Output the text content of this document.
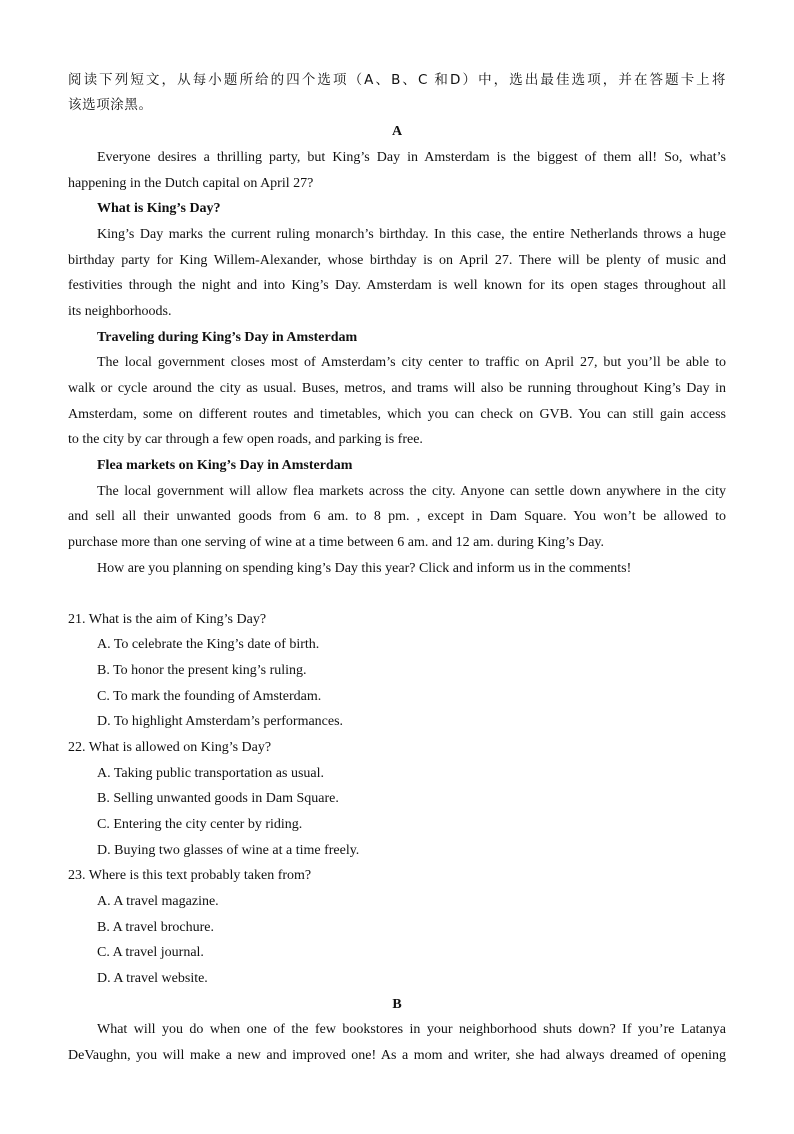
阅读下列短文，从每小题所给的四个选项（A、B、C 和D）中，选出最佳选项，并在答题卡上将
该选项涂黑。
A
Everyone desires a thrilling party, but King’s Day in Amsterdam is the biggest of them all! So, what’s
happening in the Dutch capital on April 27?
What is King’s Day?
King’s Day marks the current ruling monarch’s birthday. In this case, the entire Netherlands throws a huge
birthday party for King Willem-Alexander, whose birthday is on April 27. There will be plenty of music and
festivities through the night and into King’s Day. Amsterdam is well known for its open stages throughout all
its neighborhoods.
Traveling during King’s Day in Amsterdam
The local government closes most of Amsterdam’s city center to traffic on April 27, but you’ll be able to
walk or cycle around the city as usual. Buses, metros, and trams will also be running throughout King’s Day in
Amsterdam, some on different routes and timetables, which you can check on GVB. You can still gain access
to the city by car through a few open roads, and parking is free.
Flea markets on King’s Day in Amsterdam
The local government will allow flea markets across the city. Anyone can settle down anywhere in the city
and sell all their unwanted goods from 6 am. to 8 pm. , except in Dam Square. You won’t be allowed to
purchase more than one serving of wine at a time between 6 am. and 12 am. during King’s Day.
How are you planning on spending king’s Day this year? Click and inform us in the comments!
21. What is the aim of King’s Day?
A. To celebrate the King’s date of birth.
B. To honor the present king’s ruling.
C. To mark the founding of Amsterdam.
D. To highlight Amsterdam’s performances.
22. What is allowed on King’s Day?
A. Taking public transportation as usual.
B. Selling unwanted goods in Dam Square.
C. Entering the city center by riding.
D. Buying two glasses of wine at a time freely.
23. Where is this text probably taken from?
A. A travel magazine.
B. A travel brochure.
C. A travel journal.
D. A travel website.
B
What will you do when one of the few bookstores in your neighborhood shuts down? If you’re Latanya
DeVaughn, you will make a new and improved one! As a mom and writer, she had always dreamed of opening
